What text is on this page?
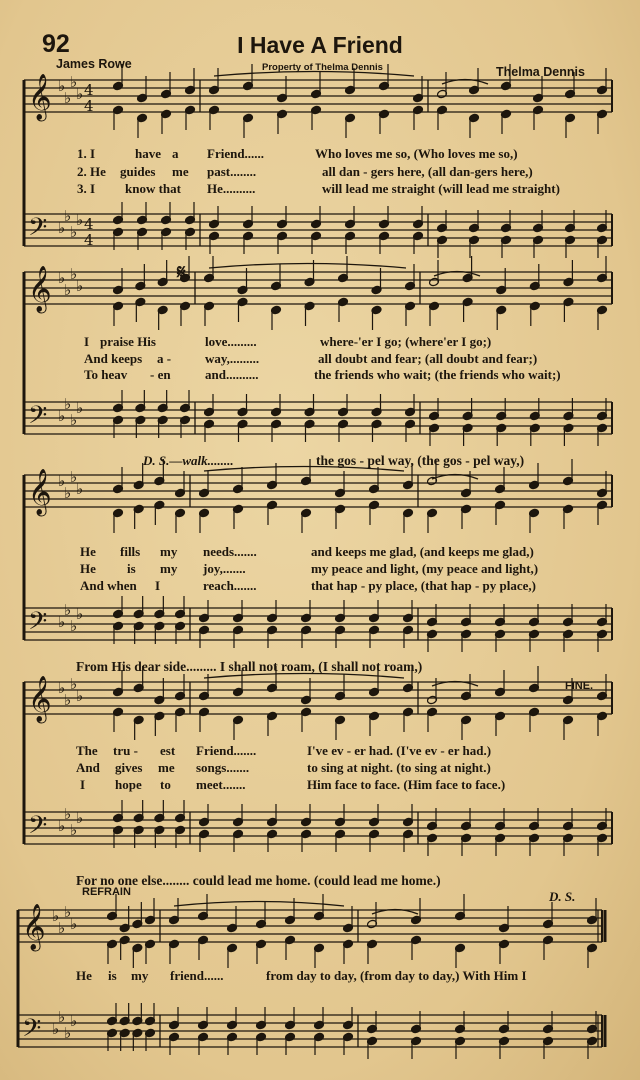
92	I Have A Friend
James Rowe	Property of Thelma Dennis	Thelma Dennis
𝄞
𝄢
♭
♭
♭
♭
♭
♭
♭
♭
4
4
4
4
𝄞
𝄢
♭
♭
♭
♭
♭
♭
♭
♭
𝄞
𝄢
♭
♭
♭
♭
♭
♭
♭
♭
𝄞
𝄢
♭
♭
♭
♭
♭
♭
♭
♭
𝄞
𝄢
♭
♭
♭
♭
♭
♭
♭
♭
1. I	have a Friend......	Who loves me so, (Who loves me so,)
2. He guides me past........	all dan - gers here, (all dan-gers here,)
3. I know that He..........	will lead me straight (will lead me straight)
𝄋
I praise His	love.........	where-'er I go; (where'er I go;)
And keeps a -	way,.........	all doubt and fear; (all doubt and fear;)
To heav - en	and..........	the friends who wait; (the friends who wait;)
D. S.—walk........	the gos - pel way, (the gos - pel way,)
He fills my needs.......	and keeps me glad, (and keeps me glad,)
He is my joy,.......	my peace and light, (my peace and light,)
And when I	reach.......	that hap - py place, (that hap - py place,)
From His dear side......... I shall not roam, (I shall not roam,)
FINE.
The tru - est Friend.......	I've ev - er had. (I've ev - er had.)
And gives me songs.......	to sing at night. (to sing at night.)
I hope to meet.......	Him face to face. (Him face to face.)
For no one else........ could lead me home. (could lead me home.)
REFRAIN	D. S.
He is my friend......	from day to day, (from day to day,) With Him I
